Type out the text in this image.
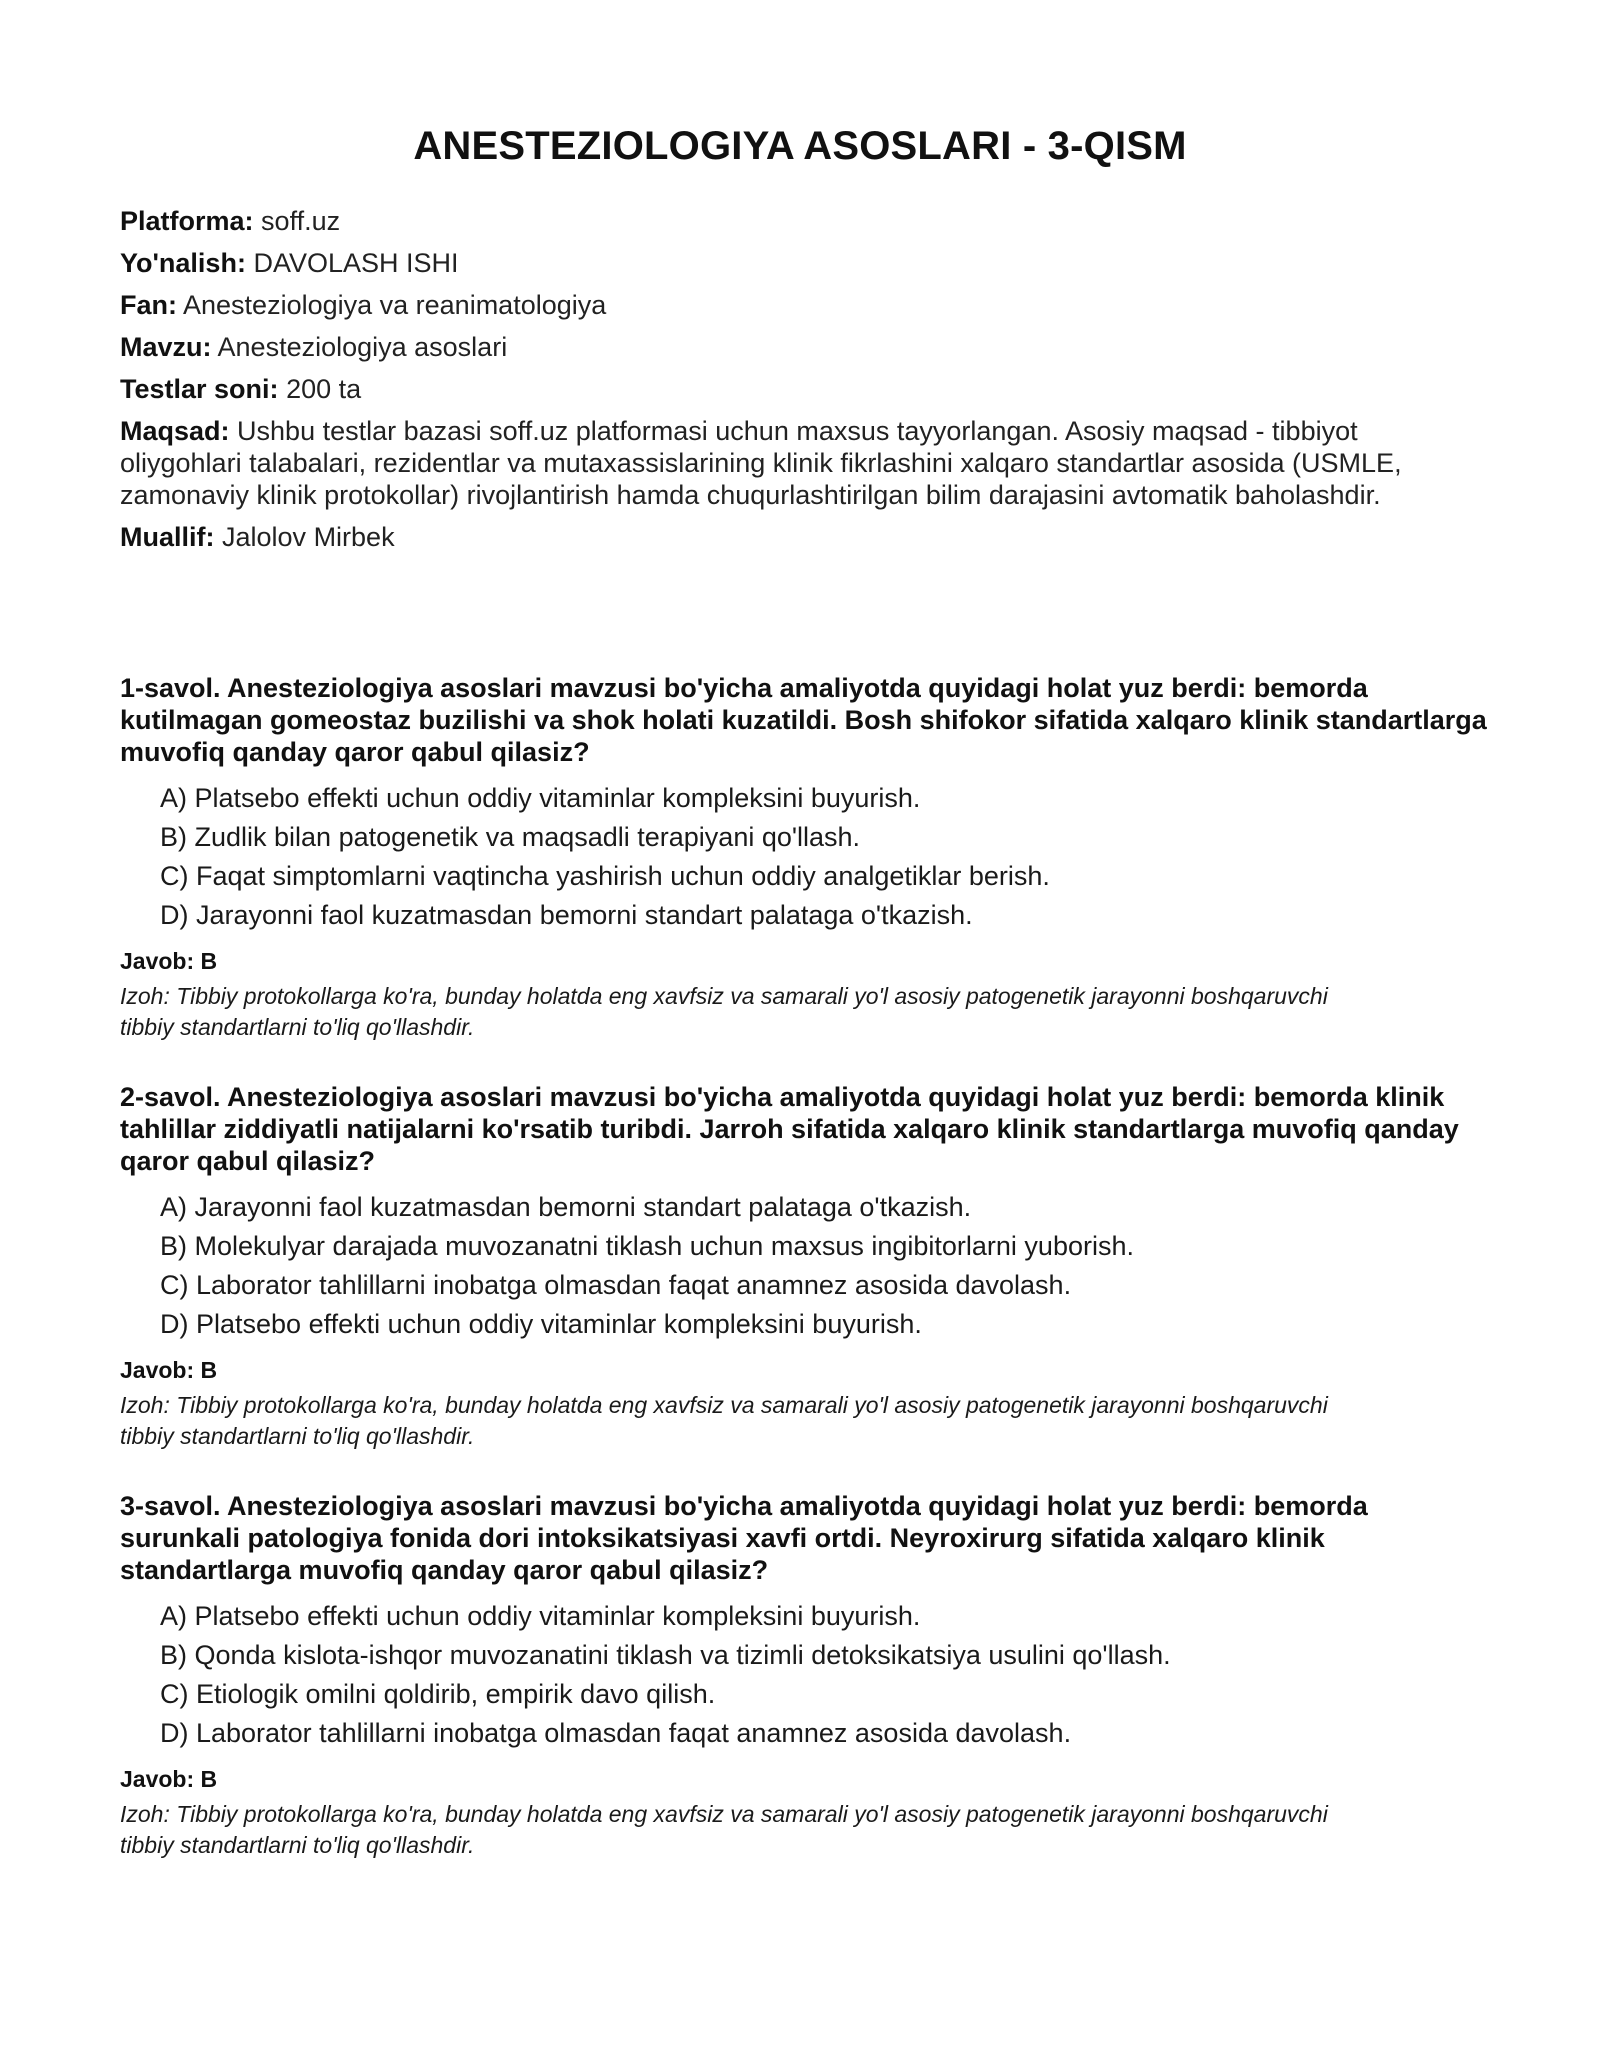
ANESTEZIOLOGIYA ASOSLARI - 3-QISM
Platforma: soff.uz
Yo'nalish: DAVOLASH ISHI
Fan: Anesteziologiya va reanimatologiya
Mavzu: Anesteziologiya asoslari
Testlar soni: 200 ta
Maqsad: Ushbu testlar bazasi soff.uz platformasi uchun maxsus tayyorlangan. Asosiy maqsad - tibbiyot oliygohlari talabalari, rezidentlar va mutaxassislarining klinik fikrlashini xalqaro standartlar asosida (USMLE, zamonaviy klinik protokollar) rivojlantirish hamda chuqurlashtirilgan bilim darajasini avtomatik baholashdir.
Muallif: Jalolov Mirbek

1-savol. Anesteziologiya asoslari mavzusi bo'yicha amaliyotda quyidagi holat yuz berdi: bemorda kutilmagan gomeostaz buzilishi va shok holati kuzatildi. Bosh shifokor sifatida xalqaro klinik standartlarga muvofiq qanday qaror qabul qilasiz?

A) Platsebo effekti uchun oddiy vitaminlar kompleksini buyurish.
B) Zudlik bilan patogenetik va maqsadli terapiyani qo'llash.
C) Faqat simptomlarni vaqtincha yashirish uchun oddiy analgetiklar berish.
D) Jarayonni faol kuzatmasdan bemorni standart palataga o'tkazish.
Javob: B
Izoh: Tibbiy protokollarga ko'ra, bunday holatda eng xavfsiz va samarali yo'l asosiy patogenetik jarayonni boshqaruvchi tibbiy standartlarni to'liq qo'llashdir.

2-savol. Anesteziologiya asoslari mavzusi bo'yicha amaliyotda quyidagi holat yuz berdi: bemorda klinik tahlillar ziddiyatli natijalarni ko'rsatib turibdi. Jarroh sifatida xalqaro klinik standartlarga muvofiq qanday qaror qabul qilasiz?

A) Jarayonni faol kuzatmasdan bemorni standart palataga o'tkazish.
B) Molekulyar darajada muvozanatni tiklash uchun maxsus ingibitorlarni yuborish.
C) Laborator tahlillarni inobatga olmasdan faqat anamnez asosida davolash.
D) Platsebo effekti uchun oddiy vitaminlar kompleksini buyurish.
Javob: B
Izoh: Tibbiy protokollarga ko'ra, bunday holatda eng xavfsiz va samarali yo'l asosiy patogenetik jarayonni boshqaruvchi tibbiy standartlarni to'liq qo'llashdir.

3-savol. Anesteziologiya asoslari mavzusi bo'yicha amaliyotda quyidagi holat yuz berdi: bemorda surunkali patologiya fonida dori intoksikatsiyasi xavfi ortdi. Neyroxirurg sifatida xalqaro klinik standartlarga muvofiq qanday qaror qabul qilasiz?

A) Platsebo effekti uchun oddiy vitaminlar kompleksini buyurish.
B) Qonda kislota-ishqor muvozanatini tiklash va tizimli detoksikatsiya usulini qo'llash.
C) Etiologik omilni qoldirib, empirik davo qilish.
D) Laborator tahlillarni inobatga olmasdan faqat anamnez asosida davolash.
Javob: B
Izoh: Tibbiy protokollarga ko'ra, bunday holatda eng xavfsiz va samarali yo'l asosiy patogenetik jarayonni boshqaruvchi tibbiy standartlarni to'liq qo'llashdir.
